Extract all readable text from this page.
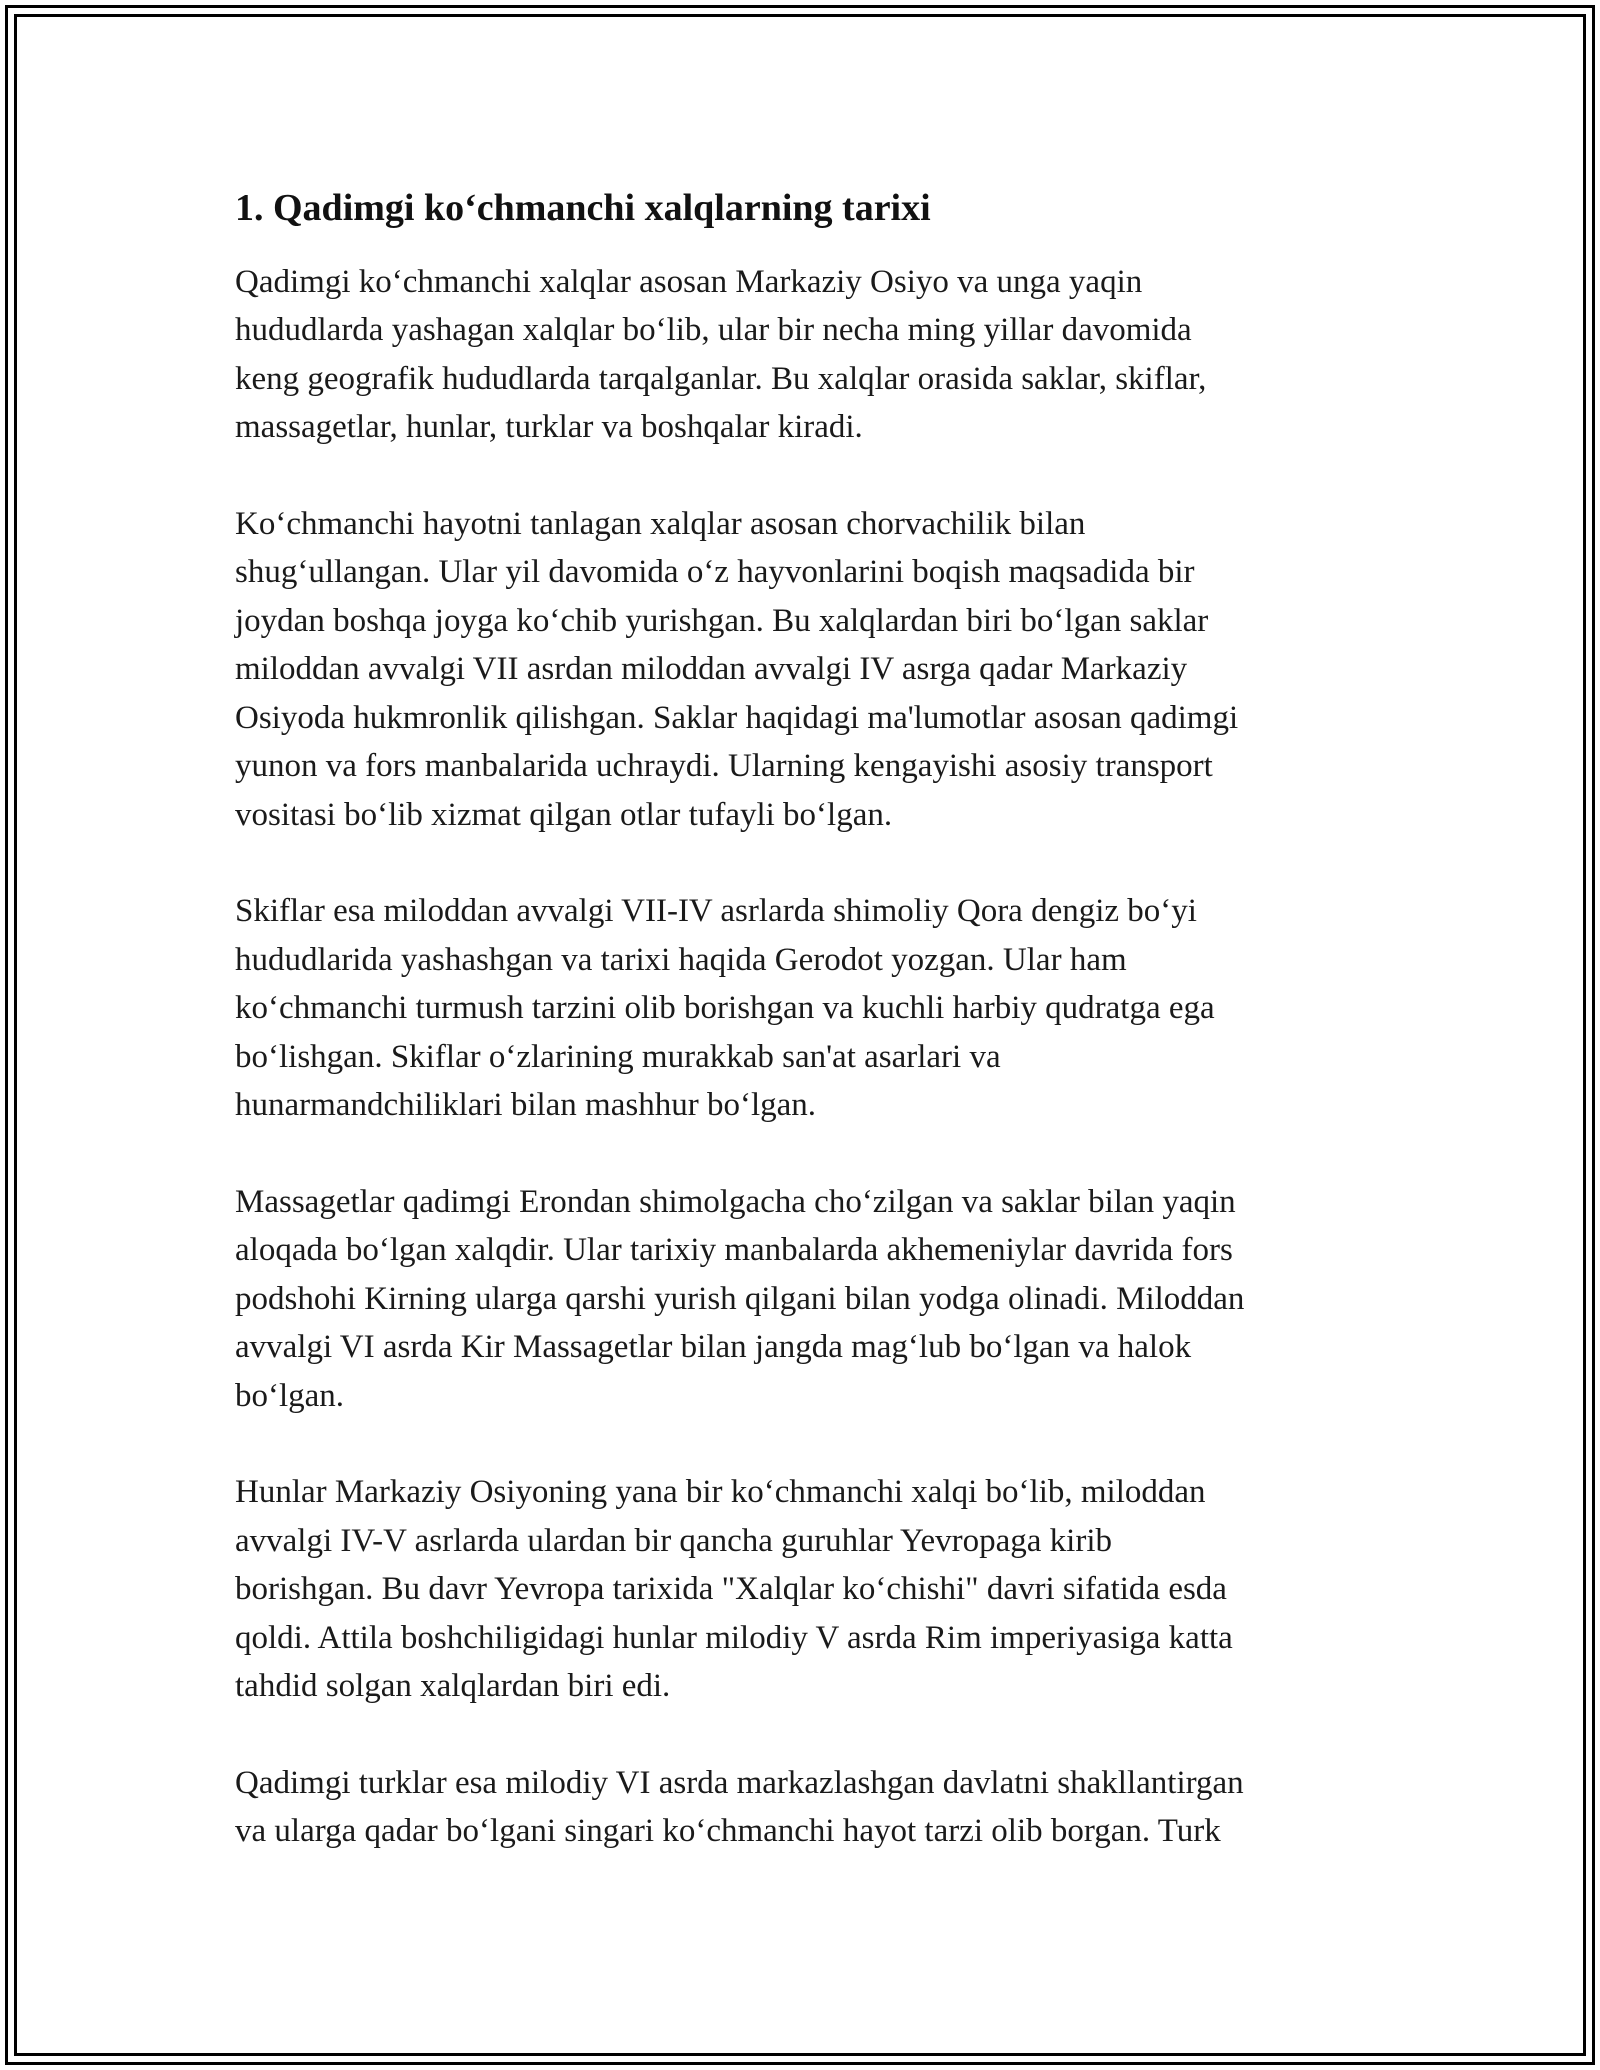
1. Qadimgi ko‘chmanchi xalqlarning tarixi

Qadimgi ko‘chmanchi xalqlar asosan Markaziy Osiyo va unga yaqin
hududlarda yashagan xalqlar bo‘lib, ular bir necha ming yillar davomida
keng geografik hududlarda tarqalganlar. Bu xalqlar orasida saklar, skiflar,
massagetlar, hunlar, turklar va boshqalar kiradi.

Ko‘chmanchi hayotni tanlagan xalqlar asosan chorvachilik bilan
shug‘ullangan. Ular yil davomida o‘z hayvonlarini boqish maqsadida bir
joydan boshqa joyga ko‘chib yurishgan. Bu xalqlardan biri bo‘lgan saklar
miloddan avvalgi VII asrdan miloddan avvalgi IV asrga qadar Markaziy
Osiyoda hukmronlik qilishgan. Saklar haqidagi ma'lumotlar asosan qadimgi
yunon va fors manbalarida uchraydi. Ularning kengayishi asosiy transport
vositasi bo‘lib xizmat qilgan otlar tufayli bo‘lgan.

Skiflar esa miloddan avvalgi VII-IV asrlarda shimoliy Qora dengiz bo‘yi
hududlarida yashashgan va tarixi haqida Gerodot yozgan. Ular ham
ko‘chmanchi turmush tarzini olib borishgan va kuchli harbiy qudratga ega
bo‘lishgan. Skiflar o‘zlarining murakkab san'at asarlari va
hunarmandchiliklari bilan mashhur bo‘lgan.

Massagetlar qadimgi Erondan shimolgacha cho‘zilgan va saklar bilan yaqin
aloqada bo‘lgan xalqdir. Ular tarixiy manbalarda akhemeniylar davrida fors
podshohi Kirning ularga qarshi yurish qilgani bilan yodga olinadi. Miloddan
avvalgi VI asrda Kir Massagetlar bilan jangda mag‘lub bo‘lgan va halok
bo‘lgan.

Hunlar Markaziy Osiyoning yana bir ko‘chmanchi xalqi bo‘lib, miloddan
avvalgi IV-V asrlarda ulardan bir qancha guruhlar Yevropaga kirib
borishgan. Bu davr Yevropa tarixida "Xalqlar ko‘chishi" davri sifatida esda
qoldi. Attila boshchiligidagi hunlar milodiy V asrda Rim imperiyasiga katta
tahdid solgan xalqlardan biri edi.

Qadimgi turklar esa milodiy VI asrda markazlashgan davlatni shakllantirgan
va ularga qadar bo‘lgani singari ko‘chmanchi hayot tarzi olib borgan. Turk
